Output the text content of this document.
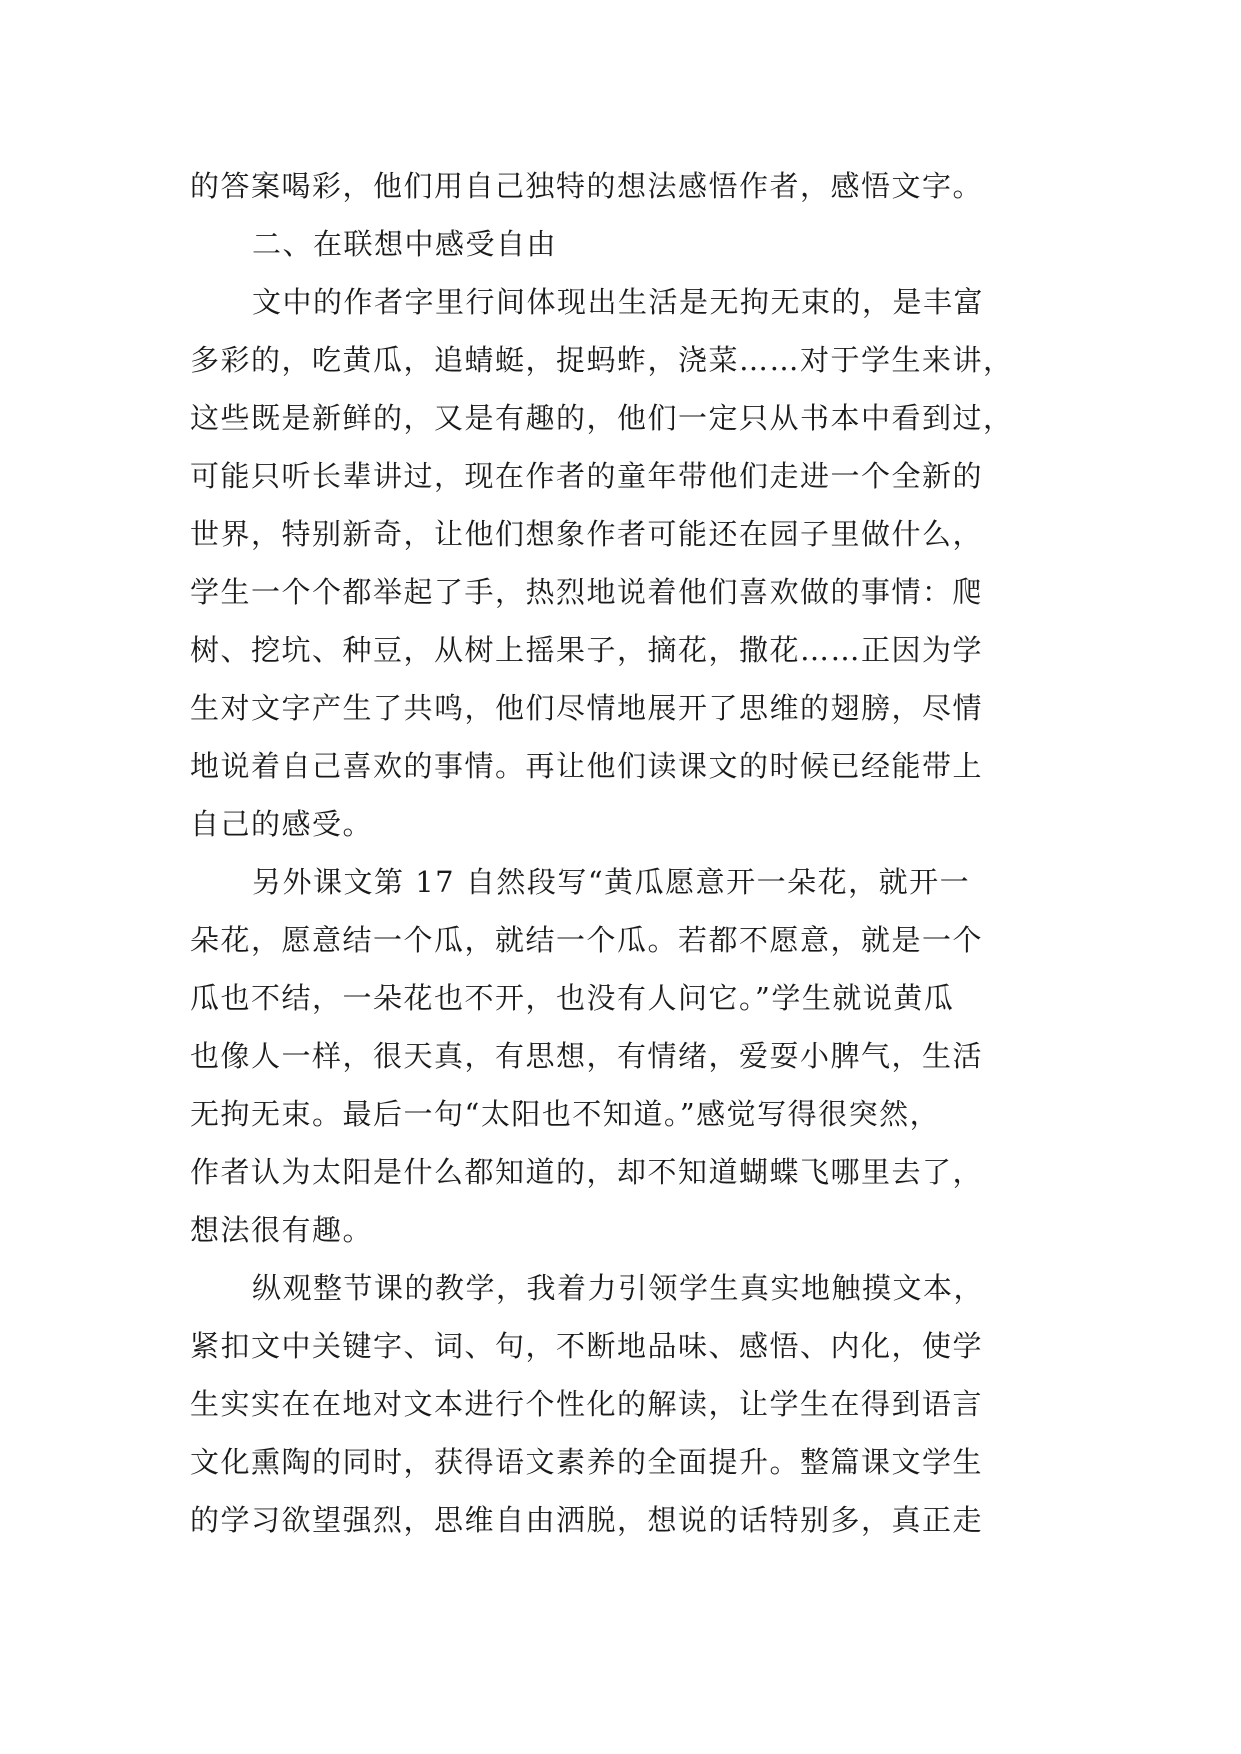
的答案喝彩，他们用自己独特的想法感悟作者，感悟文字。
二、在联想中感受自由
文中的作者字里行间体现出生活是无拘无束的，是丰富
多彩的，吃黄瓜，追蜻蜓，捉蚂蚱，浇菜……对于学生来讲，
这些既是新鲜的，又是有趣的，他们一定只从书本中看到过，
可能只听长辈讲过，现在作者的童年带他们走进一个全新的
世界，特别新奇，让他们想象作者可能还在园子里做什么，
学生一个个都举起了手，热烈地说着他们喜欢做的事情：爬
树、挖坑、种豆，从树上摇果子，摘花，撒花……正因为学
生对文字产生了共鸣，他们尽情地展开了思维的翅膀，尽情
地说着自己喜欢的事情。再让他们读课文的时候已经能带上
自己的感受。
另外课文第 17 自然段写“黄瓜愿意开一朵花，就开一
朵花，愿意结一个瓜，就结一个瓜。若都不愿意，就是一个
瓜也不结，一朵花也不开，也没有人问它。”学生就说黄瓜
也像人一样，很天真，有思想，有情绪，爱耍小脾气，生活
无拘无束。最后一句“太阳也不知道。”感觉写得很突然，
作者认为太阳是什么都知道的，却不知道蝴蝶飞哪里去了，
想法很有趣。
纵观整节课的教学，我着力引领学生真实地触摸文本，
紧扣文中关键字、词、句，不断地品味、感悟、内化，使学
生实实在在地对文本进行个性化的解读，让学生在得到语言
文化熏陶的同时，获得语文素养的全面提升。整篇课文学生
的学习欲望强烈，思维自由洒脱，想说的话特别多，真正走
